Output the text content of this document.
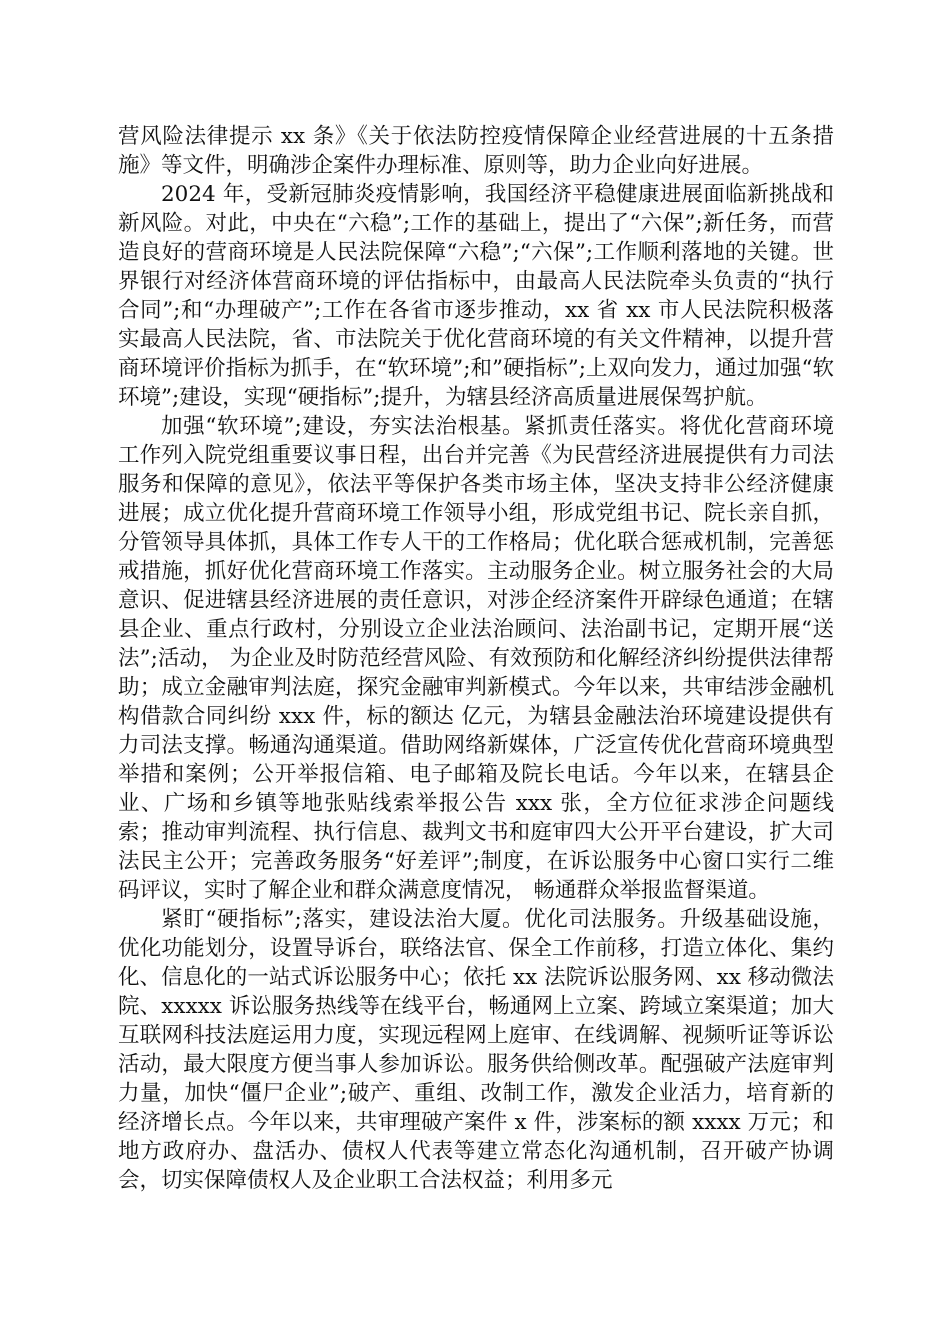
营风险法律提示 xx 条》《关于依法防控疫情保障企业经营进展的十五条措施》等文件，明确涉企案件办理标准、原则等，助力企业向好进展。

2024 年，受新冠肺炎疫情影响，我国经济平稳健康进展面临新挑战和新风险。对此，中央在“六稳”;工作的基础上，提出了“六保”;新任务，而营造良好的营商环境是人民法院保障“六稳”;“六保”;工作顺利落地的关键。世界银行对经济体营商环境的评估指标中，由最高人民法院牵头负责的“执行合同”;和“办理破产”;工作在各省市逐步推动，xx 省 xx 市人民法院积极落实最高人民法院，省、市法院关于优化营商环境的有关文件精神，以提升营商环境评价指标为抓手，在“软环境”;和”硬指标”;上双向发力，通过加强“软环境”;建设，实现“硬指标”;提升，为辖县经济高质量进展保驾护航。

加强“软环境”;建设，夯实法治根基。紧抓责任落实。将优化营商环境工作列入院党组重要议事日程，出台并完善《为民营经济进展提供有力司法服务和保障的意见》，依法平等保护各类市场主体，坚决支持非公经济健康进展；成立优化提升营商环境工作领导小组，形成党组书记、院长亲自抓，分管领导具体抓，具体工作专人干的工作格局；优化联合惩戒机制，完善惩戒措施，抓好优化营商环境工作落实。主动服务企业。树立服务社会的大局意识、促进辖县经济进展的责任意识，对涉企经济案件开辟绿色通道；在辖县企业、重点行政村，分别设立企业法治顾问、法治副书记，定期开展“送法”;活动， 为企业及时防范经营风险、有效预防和化解经济纠纷提供法律帮助；成立金融审判法庭，探究金融审判新模式。今年以来，共审结涉金融机构借款合同纠纷 xxx 件，标的额达 亿元，为辖县金融法治环境建设提供有力司法支撑。畅通沟通渠道。借助网络新媒体，广泛宣传优化营商环境典型举措和案例；公开举报信箱、电子邮箱及院长电话。今年以来，在辖县企业、广场和乡镇等地张贴线索举报公告 xxx 张，全方位征求涉企问题线索；推动审判流程、执行信息、裁判文书和庭审四大公开平台建设，扩大司法民主公开；完善政务服务“好差评”;制度，在诉讼服务中心窗口实行二维码评议，实时了解企业和群众满意度情况， 畅通群众举报监督渠道。

紧盯“硬指标”;落实，建设法治大厦。优化司法服务。升级基础设施，优化功能划分，设置导诉台，联络法官、保全工作前移，打造立体化、集约化、信息化的一站式诉讼服务中心；依托 xx 法院诉讼服务网、xx 移动微法院、xxxxx 诉讼服务热线等在线平台，畅通网上立案、跨域立案渠道；加大互联网科技法庭运用力度，实现远程网上庭审、在线调解、视频听证等诉讼活动，最大限度方便当事人参加诉讼。服务供给侧改革。配强破产法庭审判力量，加快“僵尸企业”;破产、重组、改制工作，激发企业活力，培育新的经济增长点。今年以来，共审理破产案件 x 件，涉案标的额 xxxx 万元；和地方政府办、盘活办、债权人代表等建立常态化沟通机制，召开破产协调会，切实保障债权人及企业职工合法权益；利用多元
